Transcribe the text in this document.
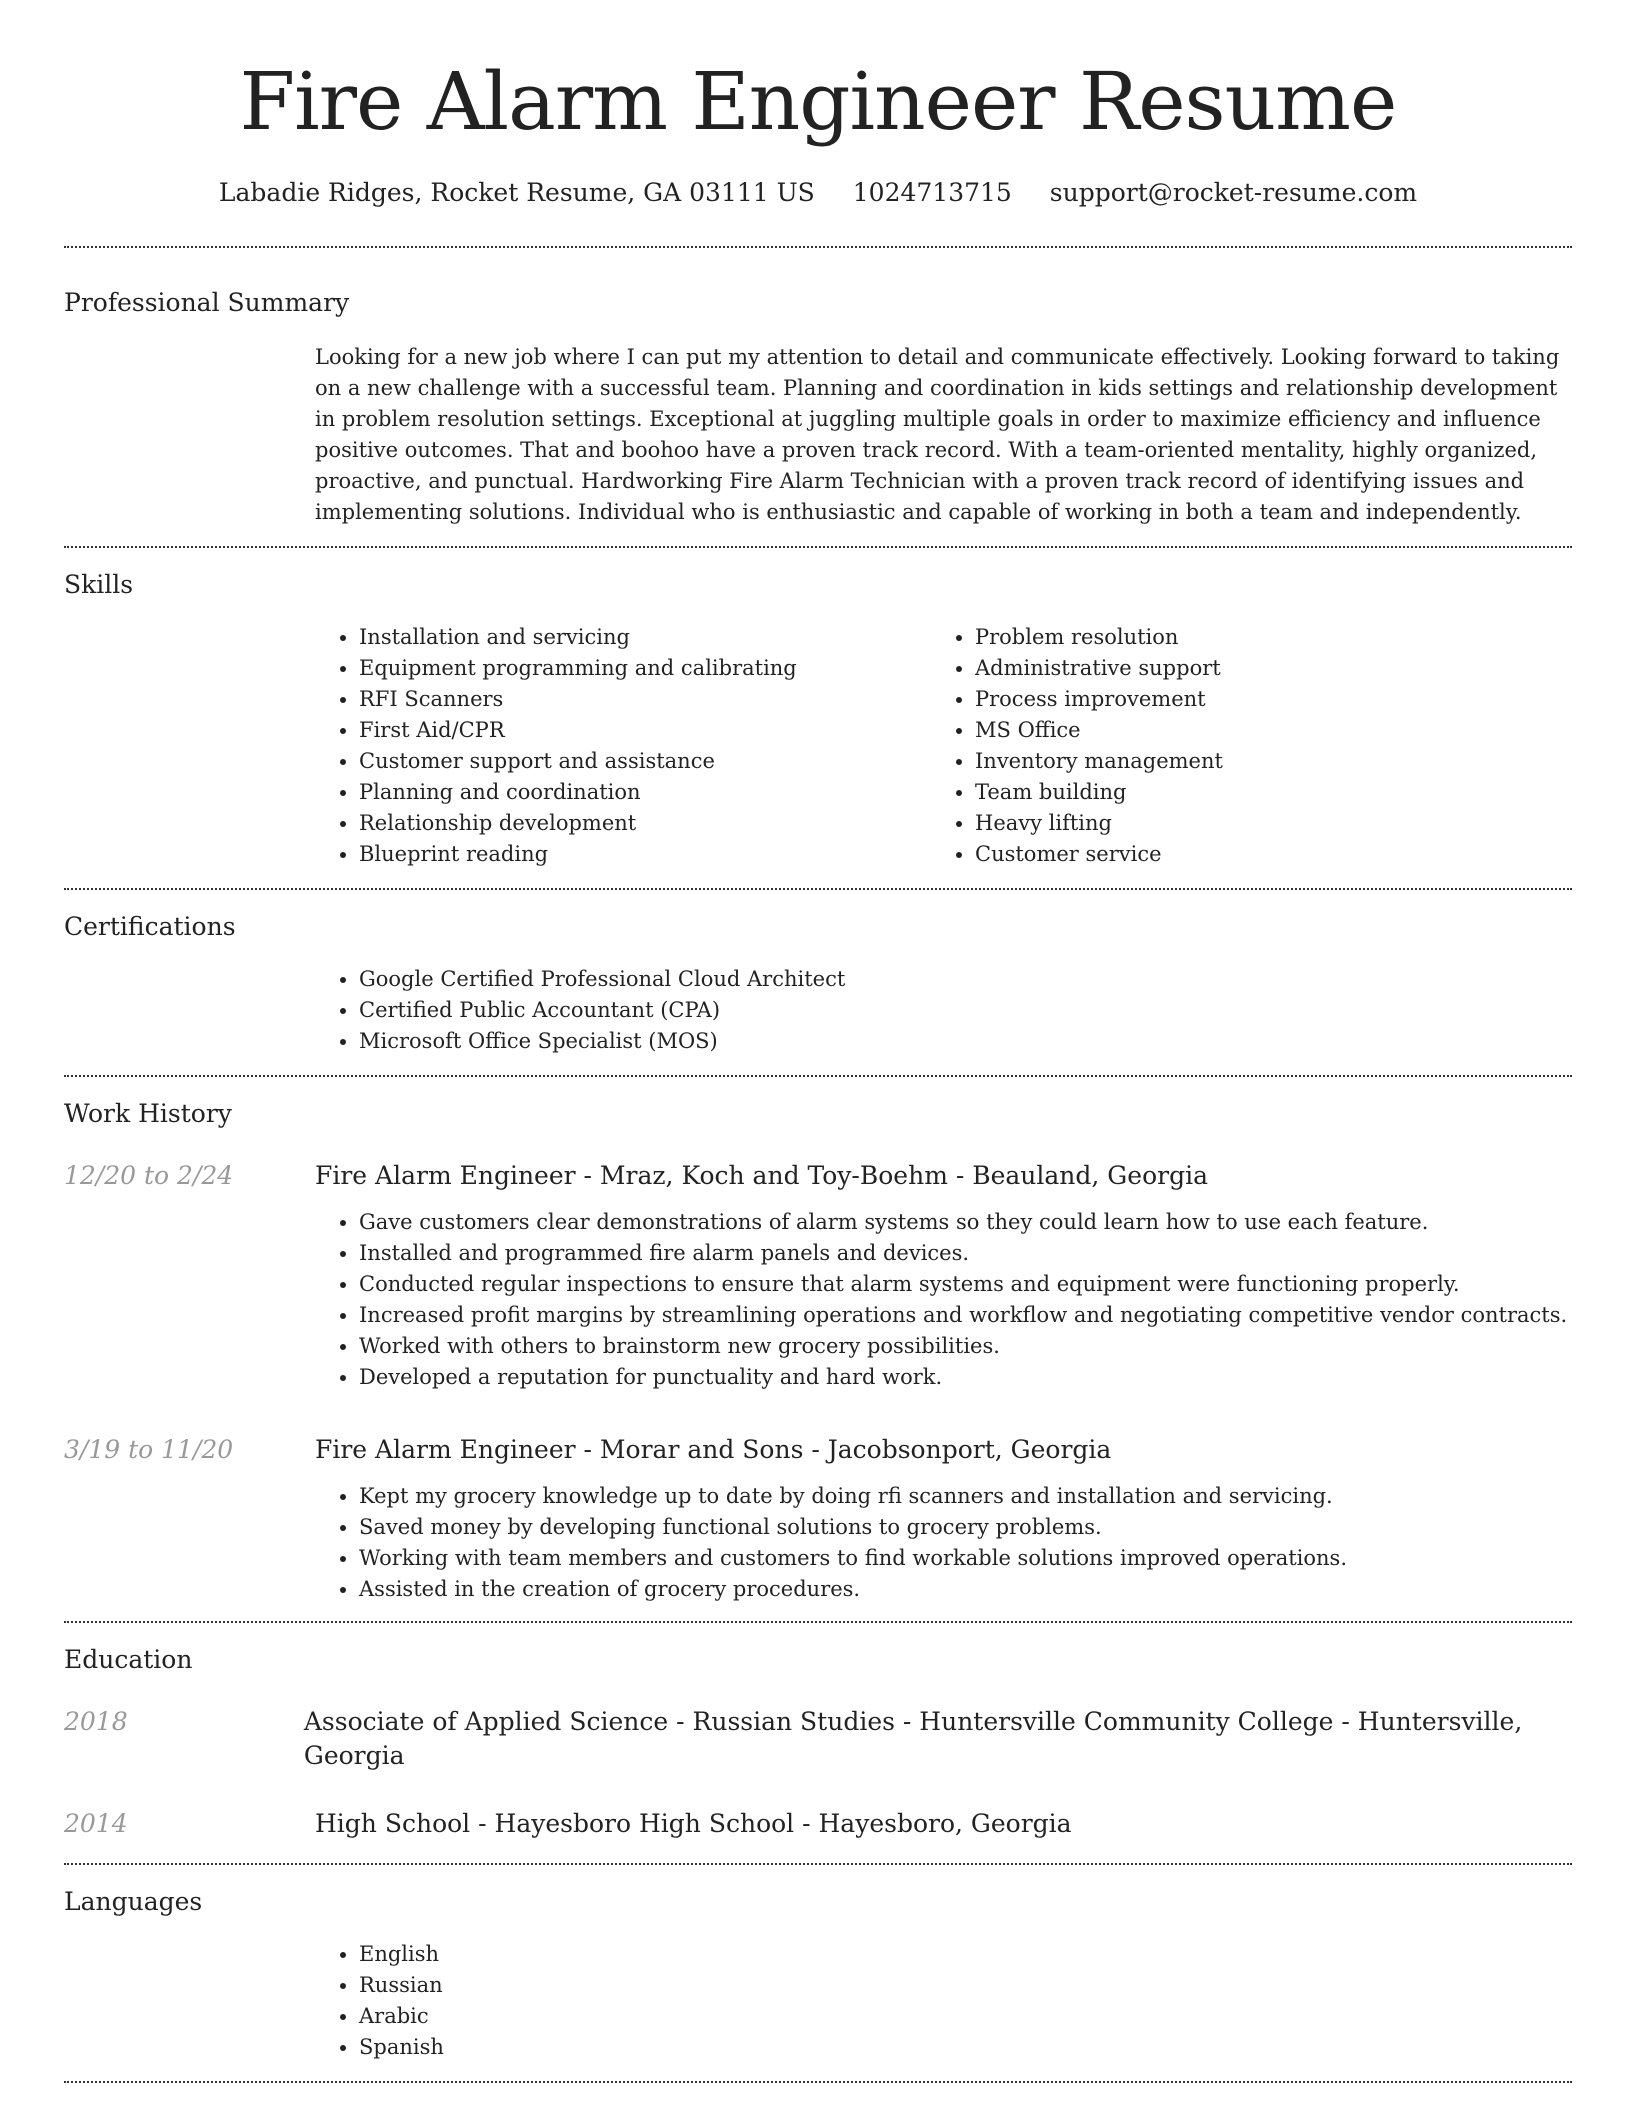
Fire Alarm Engineer Resume
Labadie Ridges, Rocket Resume, GA 03111 US 1024713715 support@rocket-resume.com
Professional Summary
Looking for a new job where I can put my attention to detail and communicate effectively. Looking forward to taking on a new challenge with a successful team. Planning and coordination in kids settings and relationship development in problem resolution settings. Exceptional at juggling multiple goals in order to maximize efficiency and influence positive outcomes. That and boohoo have a proven track record. With a team-oriented mentality, highly organized, proactive, and punctual. Hardworking Fire Alarm Technician with a proven track record of identifying issues and implementing solutions. Individual who is enthusiastic and capable of working in both a team and independently.
Skills
• Installation and servicing
• Equipment programming and calibrating
• RFI Scanners
• First Aid/CPR
• Customer support and assistance
• Planning and coordination
• Relationship development
• Blueprint reading
• Problem resolution
• Administrative support
• Process improvement
• MS Office
• Inventory management
• Team building
• Heavy lifting
• Customer service
Certifications
• Google Certified Professional Cloud Architect
• Certified Public Accountant (CPA)
• Microsoft Office Specialist (MOS)
Work History
12/20 to 2/24	Fire Alarm Engineer - Mraz, Koch and Toy-Boehm - Beauland, Georgia
• Gave customers clear demonstrations of alarm systems so they could learn how to use each feature.
• Installed and programmed fire alarm panels and devices.
• Conducted regular inspections to ensure that alarm systems and equipment were functioning properly.
• Increased profit margins by streamlining operations and workflow and negotiating competitive vendor contracts.
• Worked with others to brainstorm new grocery possibilities.
• Developed a reputation for punctuality and hard work.
3/19 to 11/20	Fire Alarm Engineer - Morar and Sons - Jacobsonport, Georgia
• Kept my grocery knowledge up to date by doing rfi scanners and installation and servicing.
• Saved money by developing functional solutions to grocery problems.
• Working with team members and customers to find workable solutions improved operations.
• Assisted in the creation of grocery procedures.
Education
2018	Associate of Applied Science - Russian Studies - Huntersville Community College - Huntersville, Georgia
2014	High School - Hayesboro High School - Hayesboro, Georgia
Languages
• English
• Russian
• Arabic
• Spanish
